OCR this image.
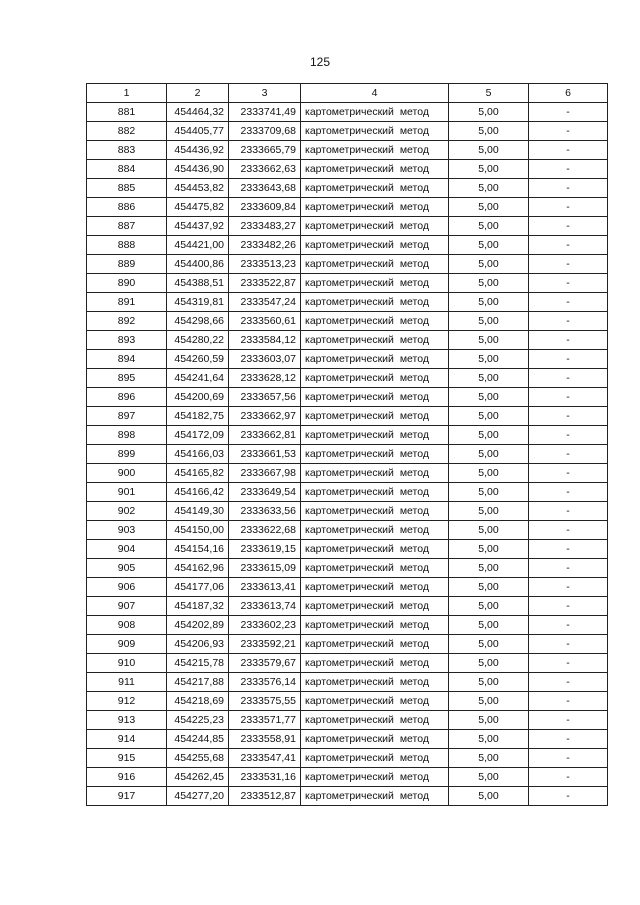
125
1	2	3	4	5	6
881	454464,32	2333741,49	картометрический метод	5,00	-
882	454405,77	2333709,68	картометрический метод	5,00	-
883	454436,92	2333665,79	картометрический метод	5,00	-
884	454436,90	2333662,63	картометрический метод	5,00	-
885	454453,82	2333643,68	картометрический метод	5,00	-
886	454475,82	2333609,84	картометрический метод	5,00	-
887	454437,92	2333483,27	картометрический метод	5,00	-
888	454421,00	2333482,26	картометрический метод	5,00	-
889	454400,86	2333513,23	картометрический метод	5,00	-
890	454388,51	2333522,87	картометрический метод	5,00	-
891	454319,81	2333547,24	картометрический метод	5,00	-
892	454298,66	2333560,61	картометрический метод	5,00	-
893	454280,22	2333584,12	картометрический метод	5,00	-
894	454260,59	2333603,07	картометрический метод	5,00	-
895	454241,64	2333628,12	картометрический метод	5,00	-
896	454200,69	2333657,56	картометрический метод	5,00	-
897	454182,75	2333662,97	картометрический метод	5,00	-
898	454172,09	2333662,81	картометрический метод	5,00	-
899	454166,03	2333661,53	картометрический метод	5,00	-
900	454165,82	2333667,98	картометрический метод	5,00	-
901	454166,42	2333649,54	картометрический метод	5,00	-
902	454149,30	2333633,56	картометрический метод	5,00	-
903	454150,00	2333622,68	картометрический метод	5,00	-
904	454154,16	2333619,15	картометрический метод	5,00	-
905	454162,96	2333615,09	картометрический метод	5,00	-
906	454177,06	2333613,41	картометрический метод	5,00	-
907	454187,32	2333613,74	картометрический метод	5,00	-
908	454202,89	2333602,23	картометрический метод	5,00	-
909	454206,93	2333592,21	картометрический метод	5,00	-
910	454215,78	2333579,67	картометрический метод	5,00	-
911	454217,88	2333576,14	картометрический метод	5,00	-
912	454218,69	2333575,55	картометрический метод	5,00	-
913	454225,23	2333571,77	картометрический метод	5,00	-
914	454244,85	2333558,91	картометрический метод	5,00	-
915	454255,68	2333547,41	картометрический метод	5,00	-
916	454262,45	2333531,16	картометрический метод	5,00	-
917	454277,20	2333512,87	картометрический метод	5,00	-
